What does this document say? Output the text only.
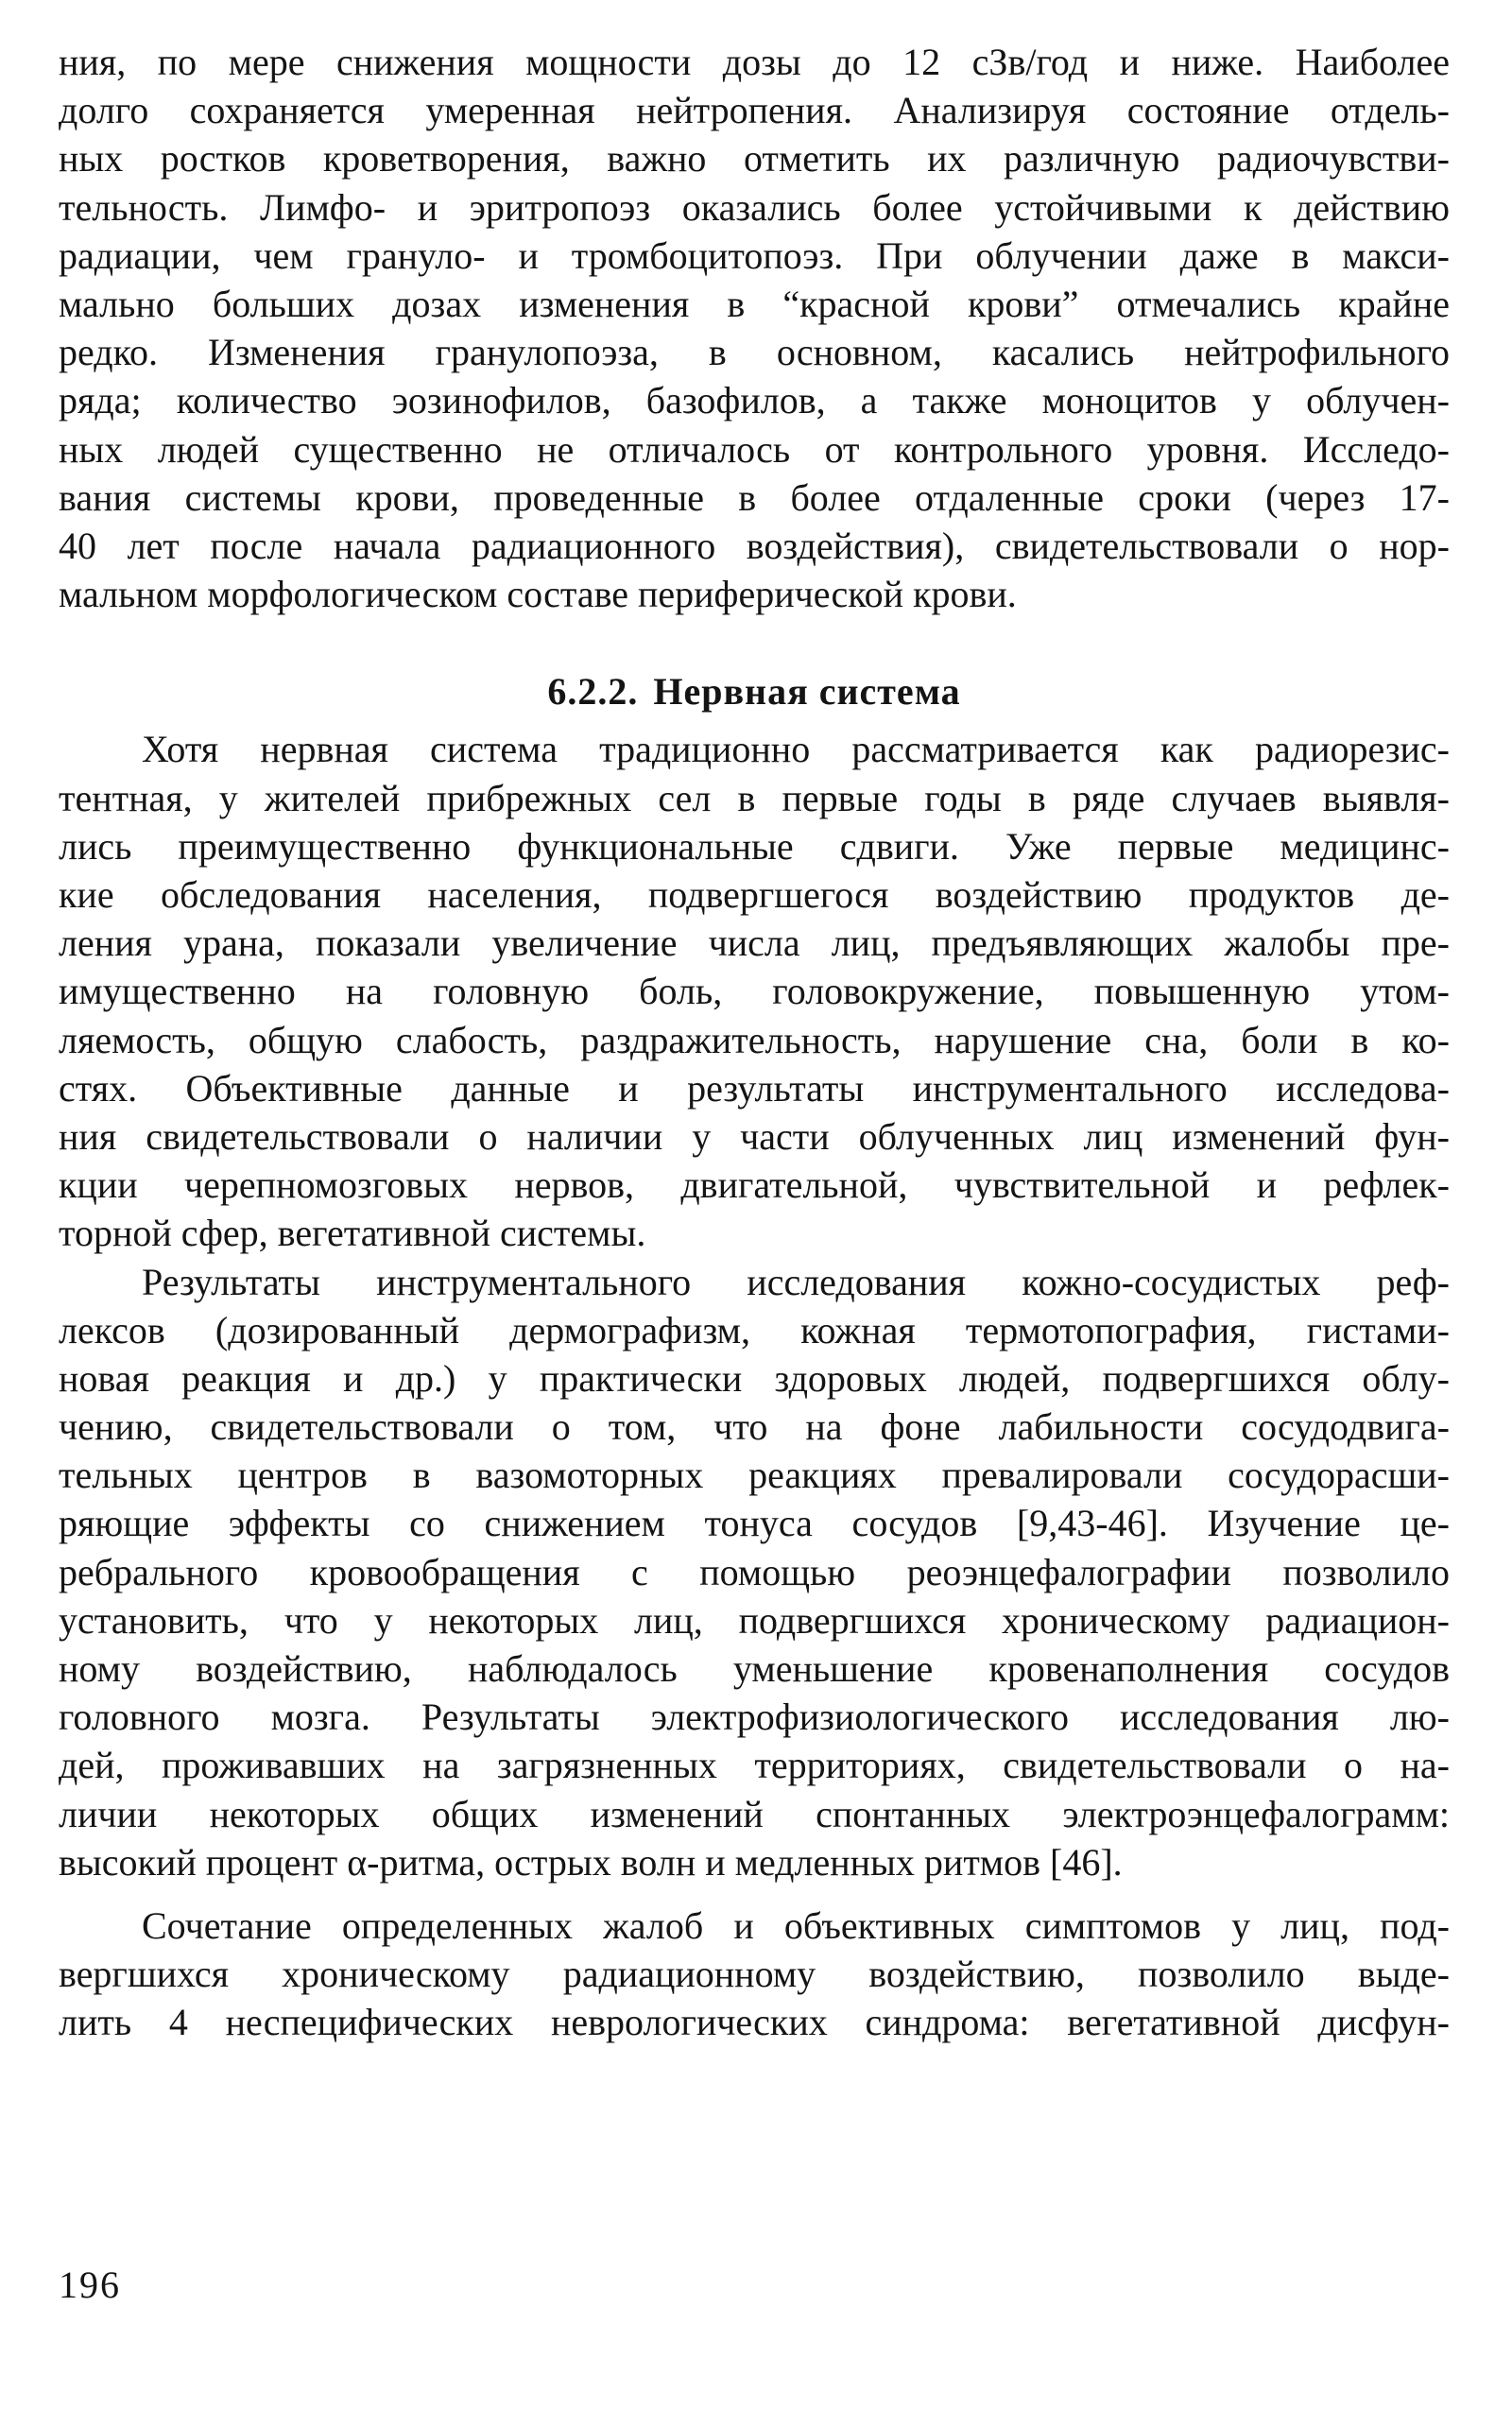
ния, по мере снижения мощности дозы до 12 сЗв/год и ниже. Наиболее
долго сохраняется умеренная нейтропения. Анализируя состояние отдель-
ных ростков кроветворения, важно отметить их различную радиочувстви-
тельность. Лимфо- и эритропоэз оказались более устойчивыми к действию
радиации, чем грануло- и тромбоцитопоэз. При облучении даже в макси-
мально больших дозах изменения в “красной крови” отмечались крайне
редко. Изменения гранулопоэза, в основном, касались нейтрофильного
ряда; количество эозинофилов, базофилов, а также моноцитов у облучен-
ных людей существенно не отличалось от контрольного уровня. Исследо-
вания системы крови, проведенные в более отдаленные сроки (через 17-
40 лет после начала радиационного воздействия), свидетельствовали о нор-
мальном морфологическом составе периферической крови.
6.2.2. Нервная система
Хотя нервная система традиционно рассматривается как радиорезис-
тентная, у жителей прибрежных сел в первые годы в ряде случаев выявля-
лись преимущественно функциональные сдвиги. Уже первые медицинс-
кие обследования населения, подвергшегося воздействию продуктов де-
ления урана, показали увеличение числа лиц, предъявляющих жалобы пре-
имущественно на головную боль, головокружение, повышенную утом-
ляемость, общую слабость, раздражительность, нарушение сна, боли в ко-
стях. Объективные данные и результаты инструментального исследова-
ния свидетельствовали о наличии у части облученных лиц изменений фун-
кции черепномозговых нервов, двигательной, чувствительной и рефлек-
торной сфер, вегетативной системы.
Результаты инструментального исследования кожно-сосудистых реф-
лексов (дозированный дермографизм, кожная термотопография, гистами-
новая реакция и др.) у практически здоровых людей, подвергшихся облу-
чению, свидетельствовали о том, что на фоне лабильности сосудодвига-
тельных центров в вазомоторных реакциях превалировали сосудорасши-
ряющие эффекты со снижением тонуса сосудов [9,43-46]. Изучение це-
ребрального кровообращения с помощью реоэнцефалографии позволило
установить, что у некоторых лиц, подвергшихся хроническому радиацион-
ному воздействию, наблюдалось уменьшение кровенаполнения сосудов
головного мозга. Результаты электрофизиологического исследования лю-
дей, проживавших на загрязненных территориях, свидетельствовали о на-
личии некоторых общих изменений спонтанных электроэнцефалограмм:
высокий процент α-ритма, острых волн и медленных ритмов [46].
Сочетание определенных жалоб и объективных симптомов у лиц, под-
вергшихся хроническому радиационному воздействию, позволило выде-
лить 4 неспецифических неврологических синдрома: вегетативной дисфун-
196
